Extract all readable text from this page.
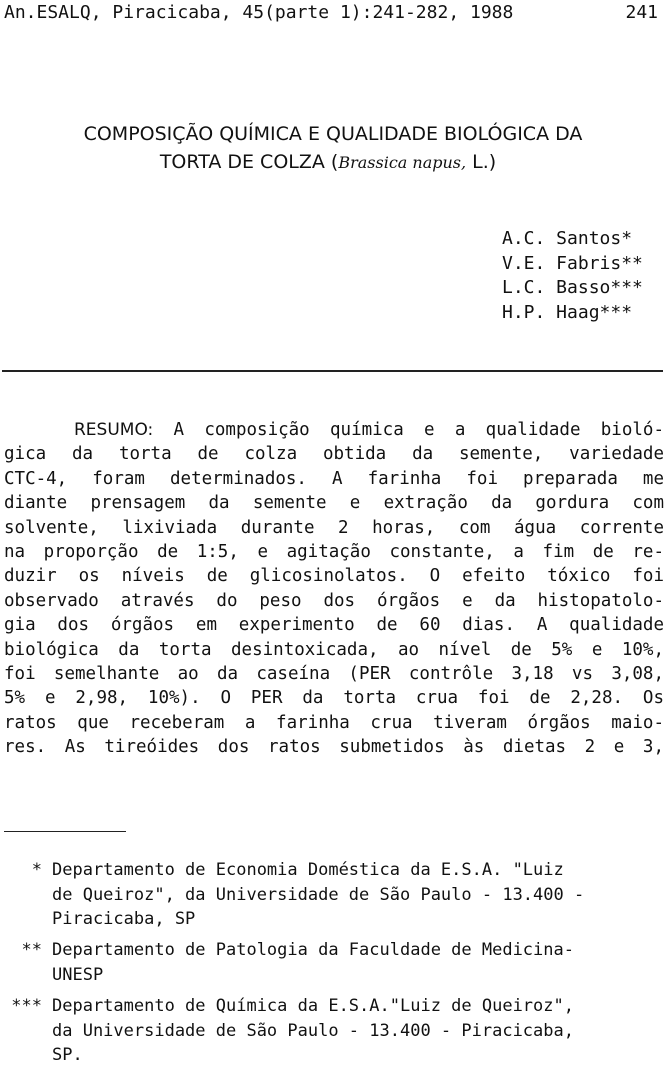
An.ESALQ, Piracicaba, 45(parte 1):241-282, 1988	241
COMPOSIÇÃO QUÍMICA E QUALIDADE BIOLÓGICA DA
TORTA DE COLZA (Brassica napus, L.)
A.C. Santos*
V.E. Fabris**
L.C. Basso***
H.P. Haag***
RESUMO: A composição química e a qualidade bioló-
gica da torta de colza obtida da semente, variedade
CTC-4, foram determinados. A farinha foi preparada me
diante prensagem da semente e extração da gordura com
solvente, lixiviada durante 2 horas, com água corrente
na proporção de 1:5, e agitação constante, a fim de re-
duzir os níveis de glicosinolatos. O efeito tóxico foi
observado através do peso dos órgãos e da histopatolo-
gia dos órgãos em experimento de 60 dias. A qualidade
biológica da torta desintoxicada, ao nível de 5% e 10%,
foi semelhante ao da caseína (PER contrôle 3,18 vs 3,08,
5% e 2,98, 10%). O PER da torta crua foi de 2,28. Os
ratos que receberam a farinha crua tiveram órgãos maio-
res. As tireóides dos ratos submetidos às dietas 2 e 3,
* Departamento de Economia Doméstica da E.S.A. "Luiz
de Queiroz", da Universidade de São Paulo - 13.400 -
Piracicaba, SP
** Departamento de Patologia da Faculdade de Medicina-
UNESP
*** Departamento de Química da E.S.A."Luiz de Queiroz",
da Universidade de São Paulo - 13.400 - Piracicaba,
SP.
